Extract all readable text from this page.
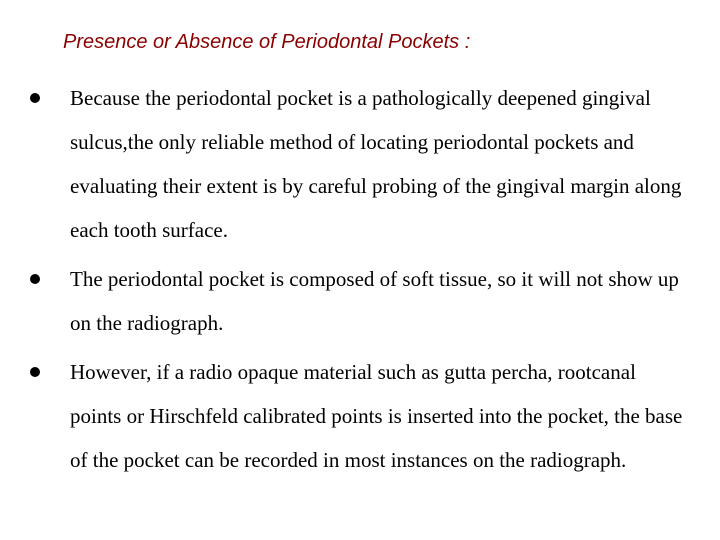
Presence or Absence of Periodontal Pockets :
Because the periodontal pocket is a pathologically deepened gingival sulcus,the only reliable method of locating periodontal pockets and evaluating their extent is by careful probing of the gingival margin along each tooth surface.
The periodontal pocket is composed of soft tissue, so it will not show up on the radiograph.
However, if a radio opaque material such as gutta percha, rootcanal points or Hirschfeld calibrated points is inserted into the pocket, the base of the pocket can be recorded in most instances on the radiograph.
